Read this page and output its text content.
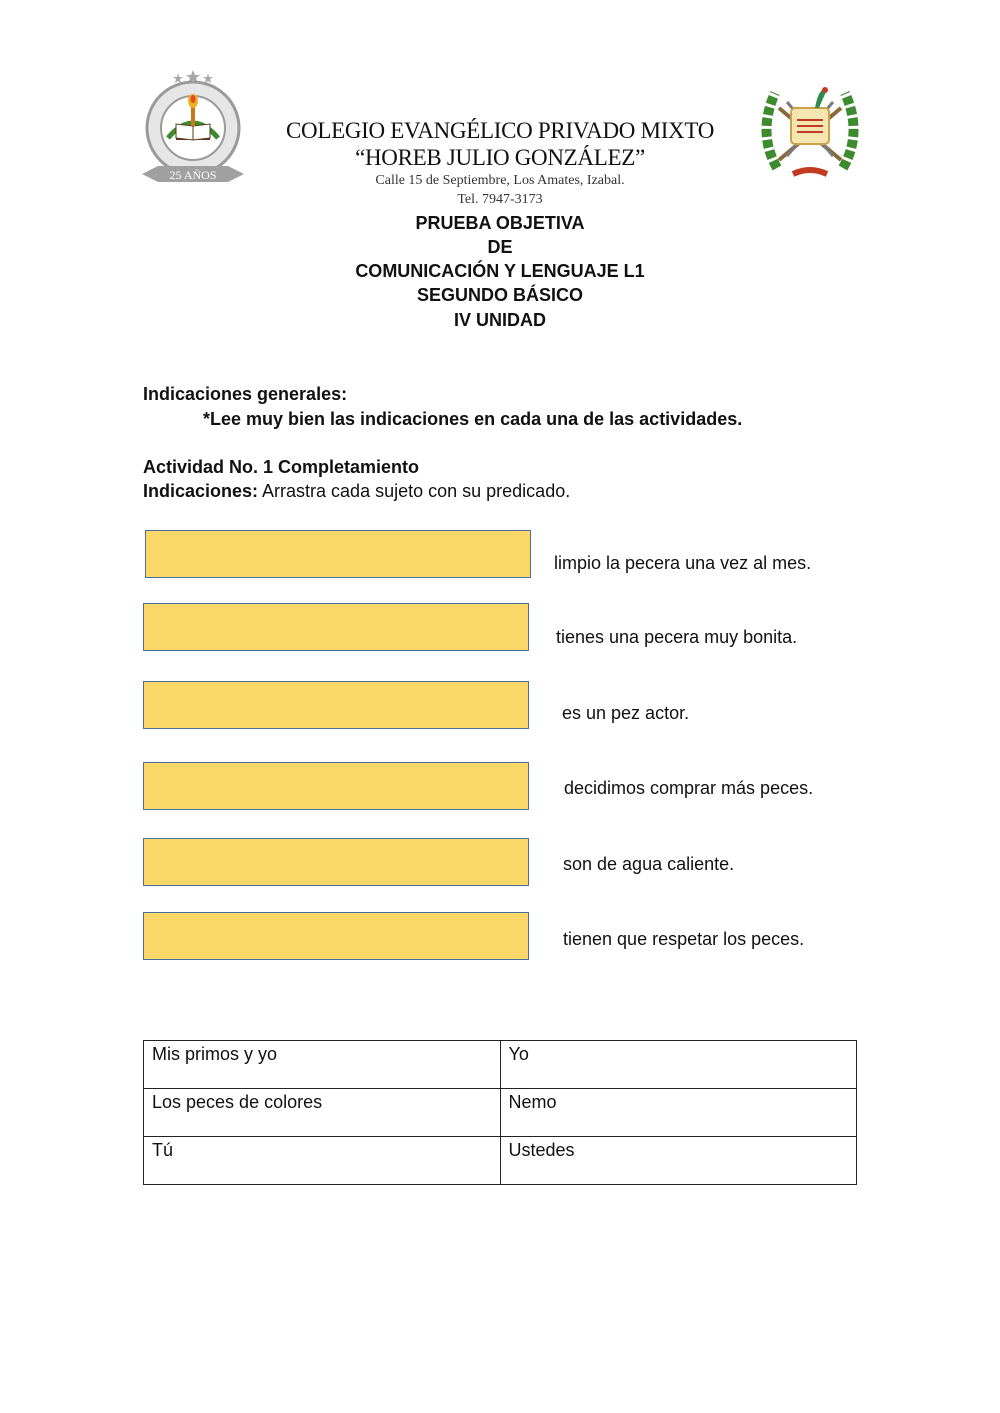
25 AÑOS
COLEGIO EVANGÉLICO PRIVADO MIXTO
“HOREB JULIO GONZÁLEZ”
Calle 15 de Septiembre, Los Amates, Izabal.
Tel. 7947-3173
PRUEBA OBJETIVA
DE
COMUNICACIÓN Y LENGUAJE L1
SEGUNDO BÁSICO
IV UNIDAD
Indicaciones generales:
*Lee muy bien las indicaciones en cada una de las actividades.
Actividad No. 1 Completamiento
Indicaciones: Arrastra cada sujeto con su predicado.
limpio la pecera una vez al mes.
tienes una pecera muy bonita.
es un pez actor.
decidimos comprar más peces.
son de agua caliente.
tienen que respetar los peces.
Mis primos y yo	Yo
Los peces de colores	Nemo
Tú	Ustedes
